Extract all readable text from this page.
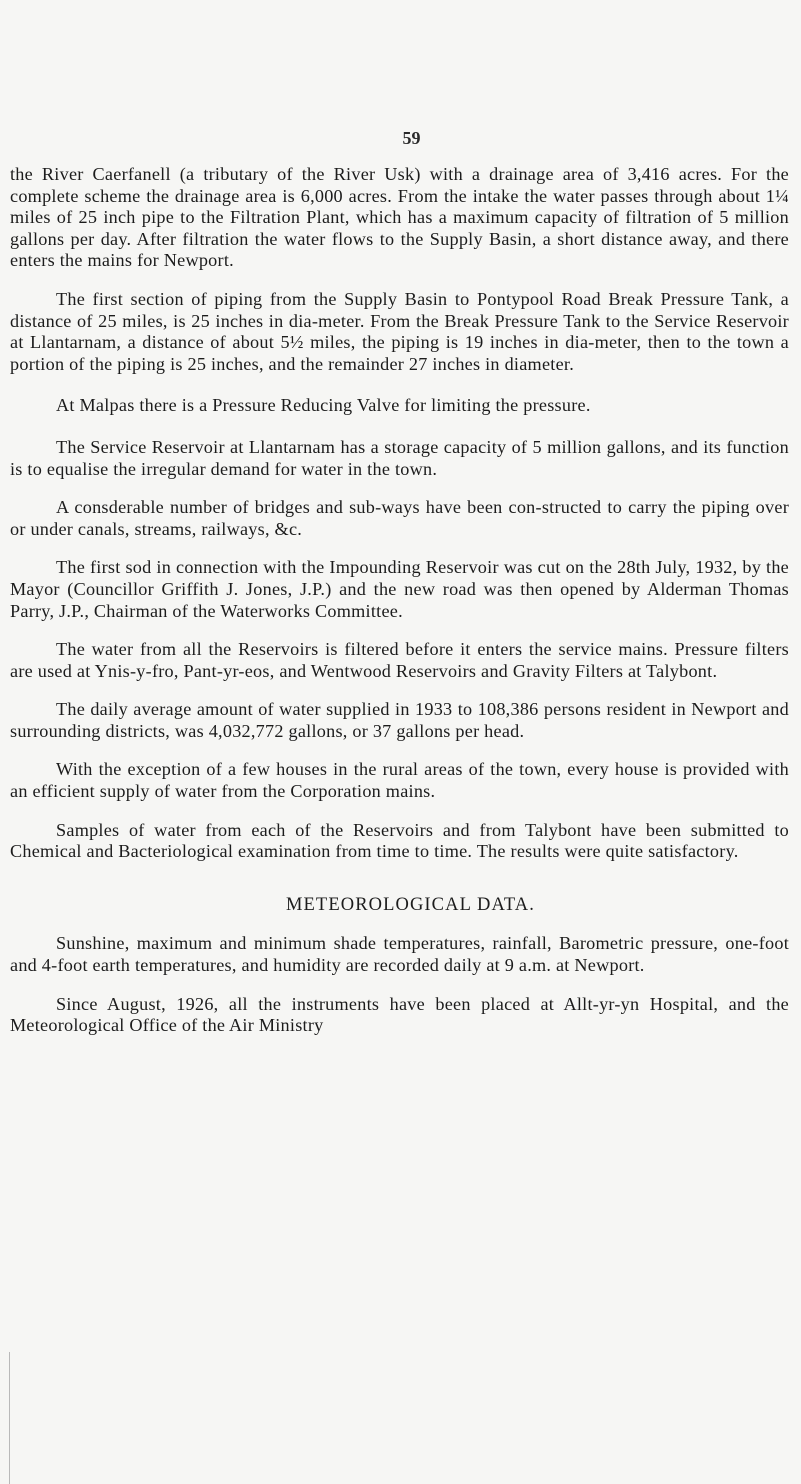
59

the River Caerfanell (a tributary of the River Usk) with a drainage area of 3,416 acres. For the complete scheme the drainage area is 6,000 acres. From the intake the water passes through about 1¼ miles of 25 inch pipe to the Filtration Plant, which has a maximum capacity of filtration of 5 million gallons per day. After filtration the water flows to the Supply Basin, a short distance away, and there enters the mains for Newport.

The first section of piping from the Supply Basin to Pontypool Road Break Pressure Tank, a distance of 25 miles, is 25 inches in dia-meter. From the Break Pressure Tank to the Service Reservoir at Llantarnam, a distance of about 5½ miles, the piping is 19 inches in dia-meter, then to the town a portion of the piping is 25 inches, and the remainder 27 inches in diameter.

At Malpas there is a Pressure Reducing Valve for limiting the pressure.

The Service Reservoir at Llantarnam has a storage capacity of 5 million gallons, and its function is to equalise the irregular demand for water in the town.

A consderable number of bridges and sub-ways have been con-structed to carry the piping over or under canals, streams, railways, &c.

The first sod in connection with the Impounding Reservoir was cut on the 28th July, 1932, by the Mayor (Councillor Griffith J. Jones, J.P.) and the new road was then opened by Alderman Thomas Parry, J.P., Chairman of the Waterworks Committee.

The water from all the Reservoirs is filtered before it enters the service mains. Pressure filters are used at Ynis-y-fro, Pant-yr-eos, and Wentwood Reservoirs and Gravity Filters at Talybont.

The daily average amount of water supplied in 1933 to 108,386 persons resident in Newport and surrounding districts, was 4,032,772 gallons, or 37 gallons per head.

With the exception of a few houses in the rural areas of the town, every house is provided with an efficient supply of water from the Corporation mains.

Samples of water from each of the Reservoirs and from Talybont have been submitted to Chemical and Bacteriological examination from time to time. The results were quite satisfactory.

METEOROLOGICAL DATA.

Sunshine, maximum and minimum shade temperatures, rainfall, Barometric pressure, one-foot and 4-foot earth temperatures, and humidity are recorded daily at 9 a.m. at Newport.

Since August, 1926, all the instruments have been placed at Allt-yr-yn Hospital, and the Meteorological Office of the Air Ministry
